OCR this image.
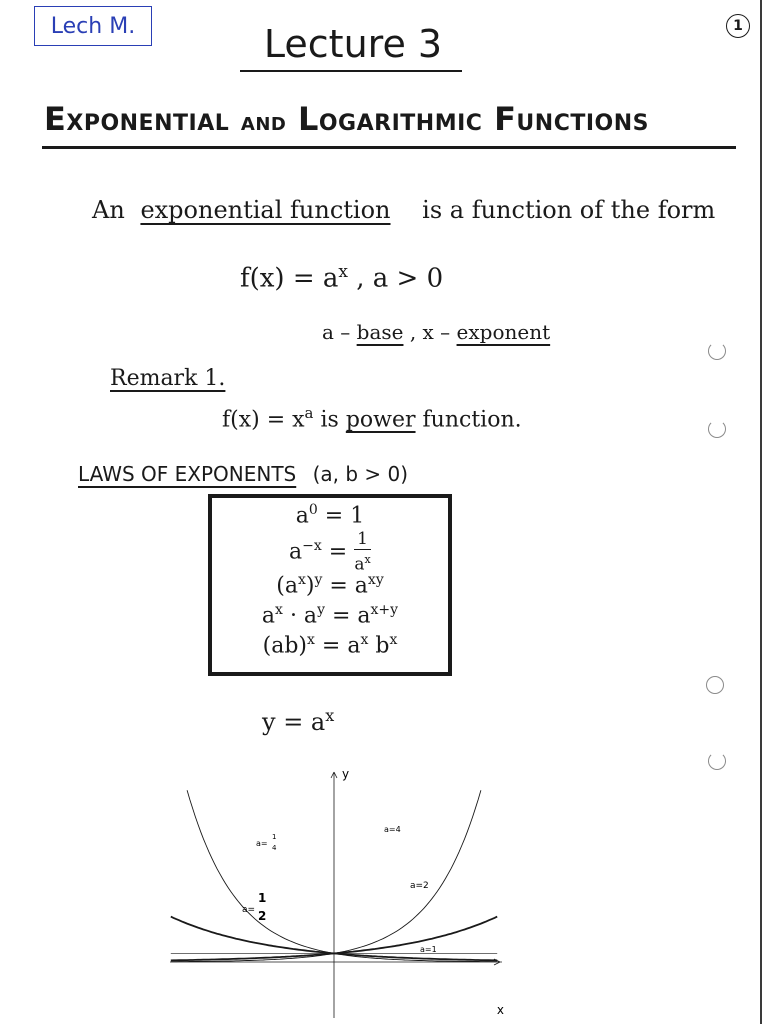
Lech M.	1
Lecture 3
EXPONENTIAL AND LOGARITHMIC FUNCTIONS
An exponential function is a function of the form
$f(x) = a^x$ , a > 0
a – base , x – exponent
Remark 1.
$f(x) = x^a$ is power function.
LAWS OF EXPONENTS (a, b > 0)
$a^0 = 1$
$a^{-x} = \frac{1}{a^x}$
$(a^x)^y = a^{xy}$
$a^x \cdot a^y = a^{x+y}$
$(ab)^x = a^x$ $b^x$
$y = a^x$
y
x
a=
1
4
a=
1
2
a=4
a=2
a=1
